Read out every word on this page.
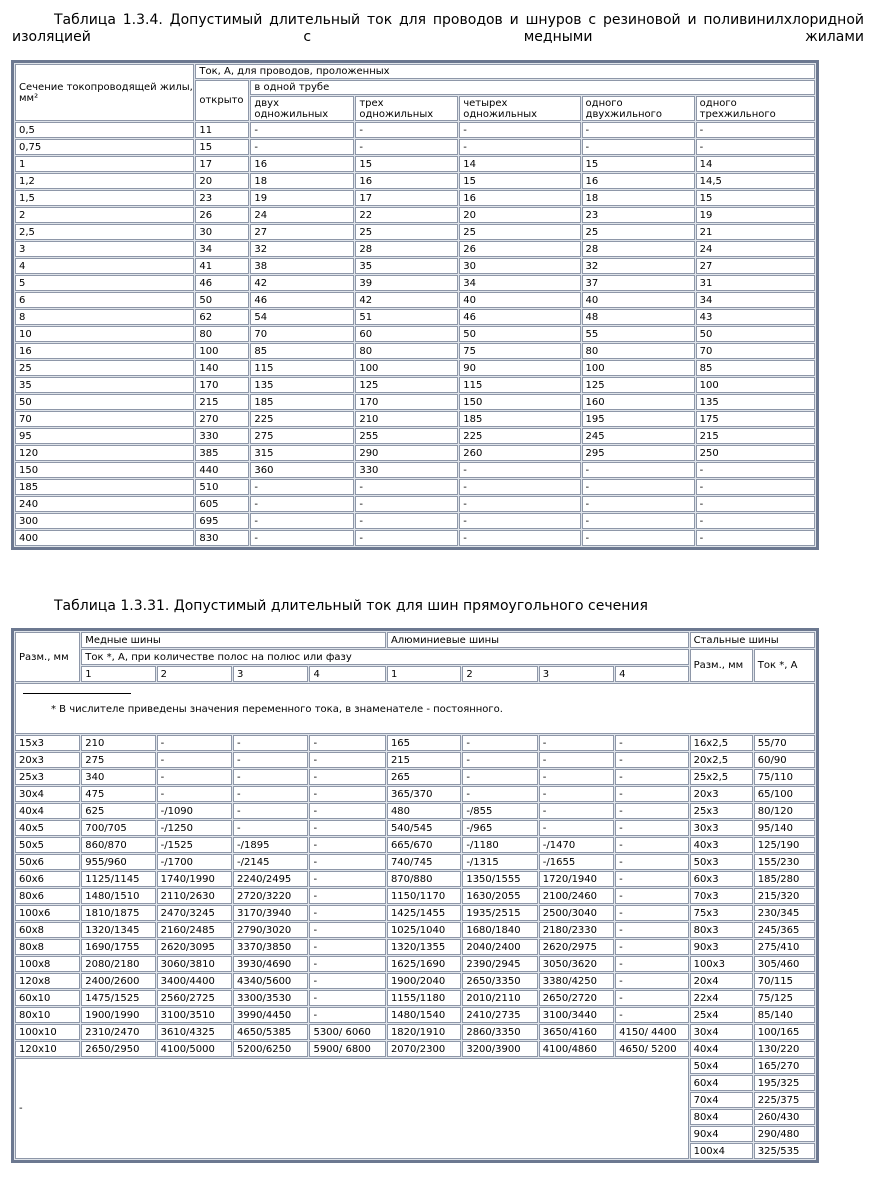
Таблица 1.3.4. Допустимый длительный ток для проводов и шнуров с резиновой и поливинилхлоридной изоляцией с медными жилами
Сечение токопроводящей жилы, мм²	Ток, А, для проводов, проложенных					
	открыто	в одной трубе				
		двух одножильных	трех одножильных	четырех одножильных	одного двухжильного	одного трехжильного
0,5	11	-	-	-	-	-
0,75	15	-	-	-	-	-
1	17	16	15	14	15	14
1,2	20	18	16	15	16	14,5
1,5	23	19	17	16	18	15
2	26	24	22	20	23	19
2,5	30	27	25	25	25	21
3	34	32	28	26	28	24
4	41	38	35	30	32	27
5	46	42	39	34	37	31
6	50	46	42	40	40	34
8	62	54	51	46	48	43
10	80	70	60	50	55	50
16	100	85	80	75	80	70
25	140	115	100	90	100	85
35	170	135	125	115	125	100
50	215	185	170	150	160	135
70	270	225	210	185	195	175
95	330	275	255	225	245	215
120	385	315	290	260	295	250
150	440	360	330	-	-	-
185	510	-	-	-	-	-
240	605	-	-	-	-	-
300	695	-	-	-	-	-
400	830	-	-	-	-	-
Таблица 1.3.31. Допустимый длительный ток для шин прямоугольного сечения
Разм., мм	Медные шины				Алюминиевые шины				Стальные шины	
	Ток *, А, при количестве полос на полюс или фазу								Разм., мм	Ток *, А
	1	2	3	4	1	2	3	4		

* В числителе приведены значения переменного тока, в знаменателе - постоянного.										

15x3	210	-	-	-	165	-	-	-	16x2,5	55/70
20x3	275	-	-	-	215	-	-	-	20x2,5	60/90
25x3	340	-	-	-	265	-	-	-	25x2,5	75/110
30x4	475	-	-	-	365/370	-	-	-	20x3	65/100
40x4	625	-/1090	-	-	480	-/855	-	-	25x3	80/120
40x5	700/705	-/1250	-	-	540/545	-/965	-	-	30x3	95/140
50x5	860/870	-/1525	-/1895	-	665/670	-/1180	-/1470	-	40x3	125/190
50x6	955/960	-/1700	-/2145	-	740/745	-/1315	-/1655	-	50x3	155/230
60x6	1125/1145	1740/1990	2240/2495	-	870/880	1350/1555	1720/1940	-	60x3	185/280
80x6	1480/1510	2110/2630	2720/3220	-	1150/1170	1630/2055	2100/2460	-	70x3	215/320
100x6	1810/1875	2470/3245	3170/3940	-	1425/1455	1935/2515	2500/3040	-	75x3	230/345
60x8	1320/1345	2160/2485	2790/3020	-	1025/1040	1680/1840	2180/2330	-	80x3	245/365
80x8	1690/1755	2620/3095	3370/3850	-	1320/1355	2040/2400	2620/2975	-	90x3	275/410
100x8	2080/2180	3060/3810	3930/4690	-	1625/1690	2390/2945	3050/3620	-	100x3	305/460
120x8	2400/2600	3400/4400	4340/5600	-	1900/2040	2650/3350	3380/4250	-	20x4	70/115
60x10	1475/1525	2560/2725	3300/3530	-	1155/1180	2010/2110	2650/2720	-	22x4	75/125
80x10	1900/1990	3100/3510	3990/4450	-	1480/1540	2410/2735	3100/3440	-	25x4	85/140
100x10	2310/2470	3610/4325	4650/5385	5300/ 6060	1820/1910	2860/3350	3650/4160	4150/ 4400	30x4	100/165
120x10	2650/2950	4100/5000	5200/6250	5900/ 6800	2070/2300	3200/3900	4100/4860	4650/ 5200	40x4	130/220
-									50x4	165/270
									60x4	195/325
									70x4	225/375
									80x4	260/430
									90x4	290/480
									100x4	325/535
